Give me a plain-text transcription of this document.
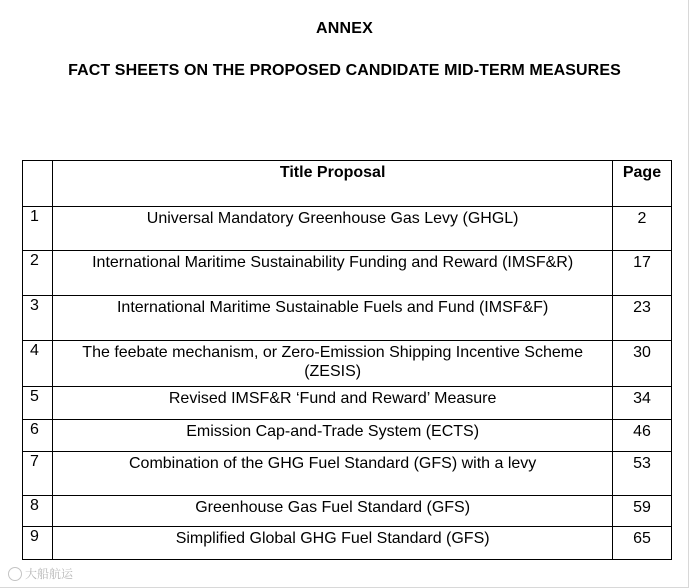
ANNEX
FACT SHEETS ON THE PROPOSED CANDIDATE MID-TERM MEASURES
	Title Proposal	Page
1	Universal Mandatory Greenhouse Gas Levy (GHGL)	2
2	International Maritime Sustainability Funding and Reward (IMSF&R)	17
3	International Maritime Sustainable Fuels and Fund (IMSF&F)	23
4	The feebate mechanism, or Zero-Emission Shipping Incentive Scheme (ZESIS)	30
5	Revised IMSF&R ‘Fund and Reward’ Measure	34
6	Emission Cap-and-Trade System (ECTS)	46
7	Combination of the GHG Fuel Standard (GFS) with a levy	53
8	Greenhouse Gas Fuel Standard (GFS)	59
9	Simplified Global GHG Fuel Standard (GFS)	65
大船航运
